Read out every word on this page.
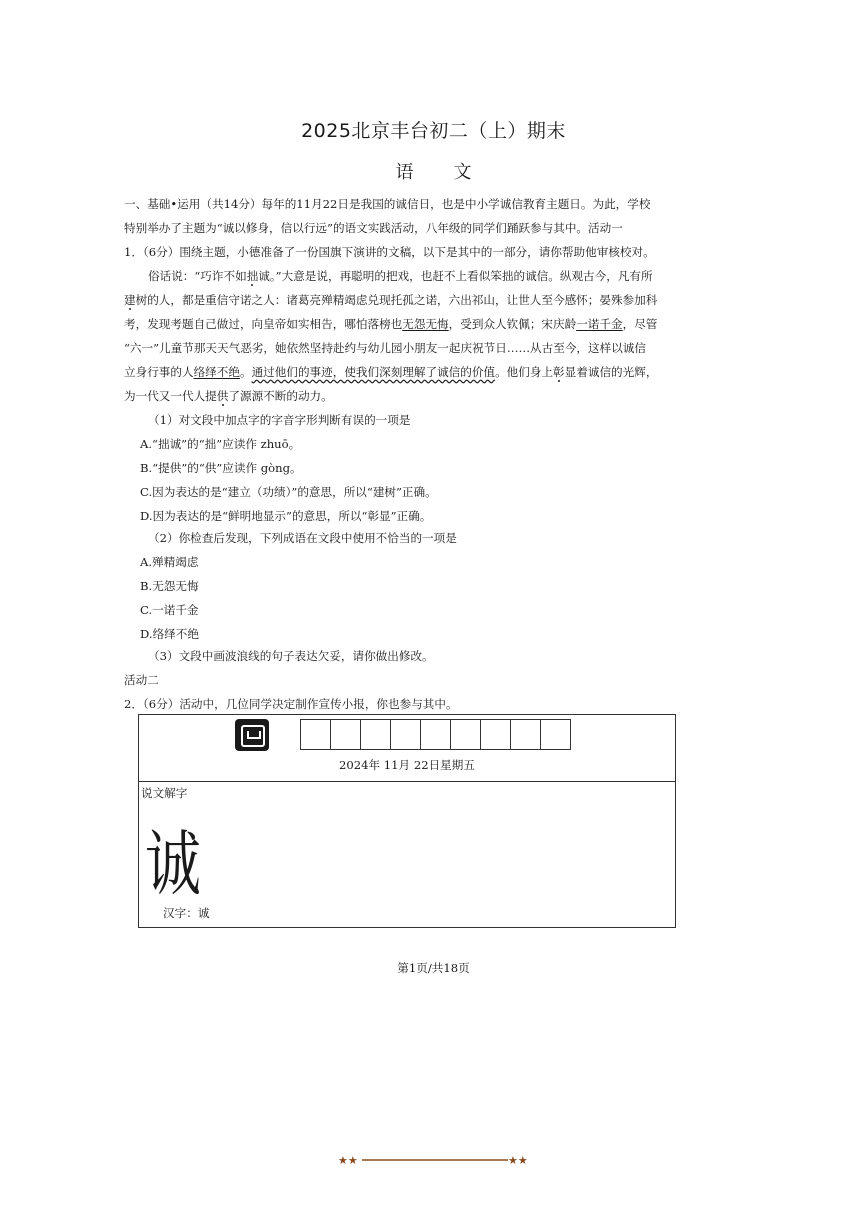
2025北京丰台初二（上）期末
语文
一、基础•运用（共14分）每年的11月22日是我国的诚信日，也是中小学诚信教育主题日。为此，学校
特别举办了主题为“诚以修身，信以行远”的语文实践活动，八年级的同学们踊跃参与其中。活动一
1．（6分）围绕主题，小德准备了一份国旗下演讲的文稿，以下是其中的一部分，请你帮助他审核校对。
俗话说：“巧诈不如拙诚。”大意是说，再聪明的把戏，也赶不上看似笨拙的诚信。纵观古今，凡有所
建树的人，都是重信守诺之人：诸葛亮殚精竭虑兑现托孤之诺，六出祁山，让世人至今感怀；晏殊参加科
考，发现考题自己做过，向皇帝如实相告，哪怕落榜也无怨无悔，受到众人钦佩；宋庆龄一诺千金，尽管
“六一”儿童节那天天气恶劣，她依然坚持赴约与幼儿园小朋友一起庆祝节日……从古至今，这样以诚信
立身行事的人络绎不绝。通过他们的事迹，使我们深刻理解了诚信的价值。他们身上彰显着诚信的光辉，
为一代又一代人提供了源源不断的动力。
（1）对文段中加点字的字音字形判断有误的一项是
A.“拙诚”的“拙”应读作 zhuō。
B.“提供”的“供”应读作 gòng。
C.因为表达的是“建立（功绩）”的意思，所以“建树”正确。
D.因为表达的是“鲜明地显示”的意思，所以“彰显”正确。
（2）你检查后发现，下列成语在文段中使用不恰当的一项是
A.殚精竭虑
B.无怨无悔
C.一诺千金
D.络绎不绝
（3）文段中画波浪线的句子表达欠妥，请你做出修改。
活动二
2．（6分）活动中，几位同学决定制作宣传小报，你也参与其中。
2024年 11月 22日星期五
说文解字
诚
汉字：诚
第1页/共18页
★★	★★
